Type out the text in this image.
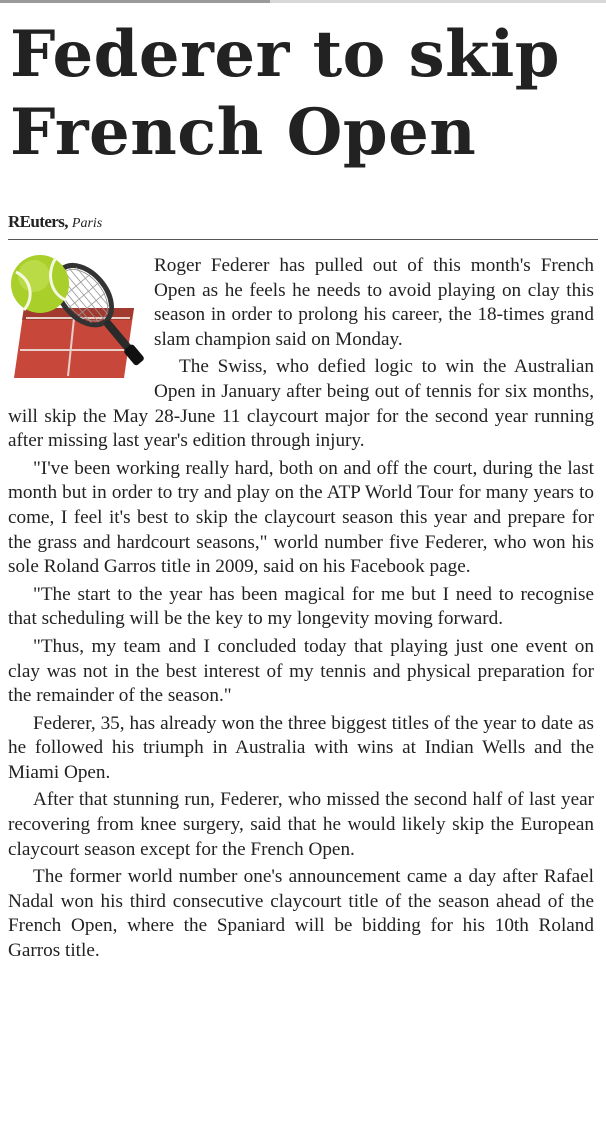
Federer to skip French Open
REuters, Paris

Roger Federer has pulled out of this month's French Open as he feels he needs to avoid playing on clay this season in order to prolong his career, the 18-times grand slam champion said on Monday.

The Swiss, who defied logic to win the Australian Open in January after being out of tennis for six months, will skip the May 28-June 11 claycourt major for the second year running after missing last year's edition through injury.

"I've been working really hard, both on and off the court, during the last month but in order to try and play on the ATP World Tour for many years to come, I feel it's best to skip the claycourt season this year and prepare for the grass and hardcourt seasons," world number five Federer, who won his sole Roland Garros title in 2009, said on his Facebook page.

"The start to the year has been magical for me but I need to recognise that scheduling will be the key to my longevity moving forward.

"Thus, my team and I concluded today that playing just one event on clay was not in the best interest of my tennis and physical preparation for the remainder of the season."

Federer, 35, has already won the three biggest titles of the year to date as he followed his triumph in Australia with wins at Indian Wells and the Miami Open.

After that stunning run, Federer, who missed the second half of last year recovering from knee surgery, said that he would likely skip the European claycourt season except for the French Open.

The former world number one's announcement came a day after Rafael Nadal won his third consecutive claycourt title of the season ahead of the French Open, where the Spaniard will be bidding for his 10th Roland Garros title.
